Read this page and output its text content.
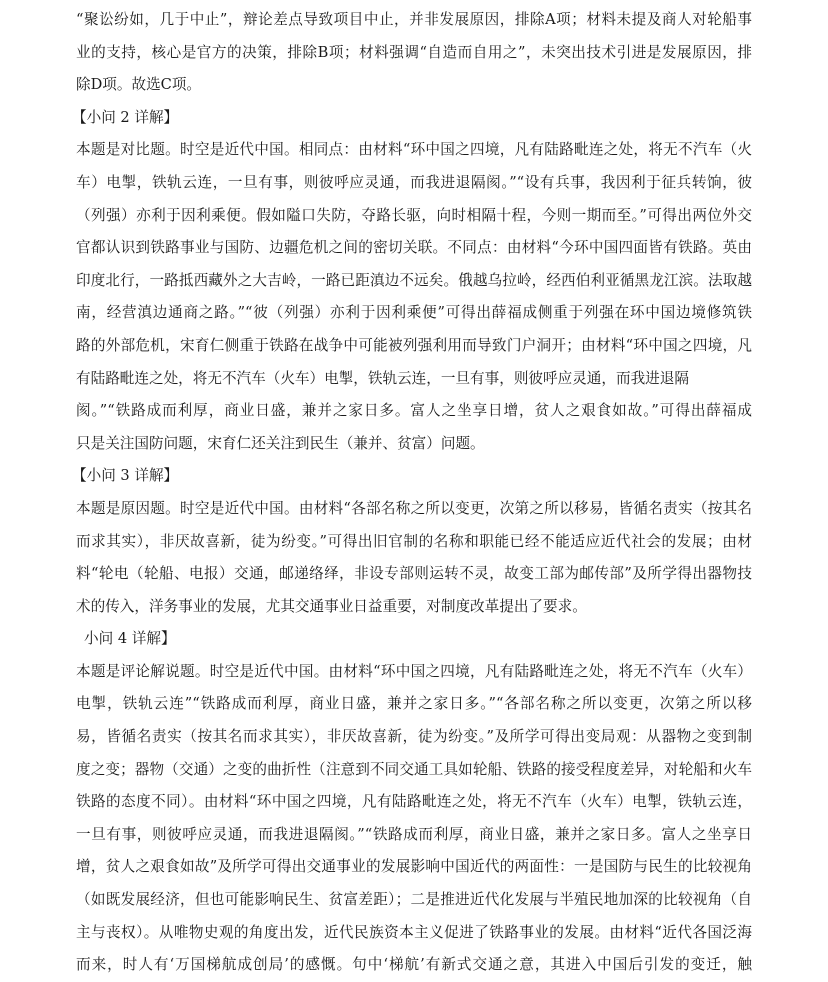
“聚讼纷如，几于中止”，辩论差点导致项目中止，并非发展原因，排除A项；材料未提及商人对轮船事
业的支持，核心是官方的决策，排除B项；材料强调“自造而自用之”，未突出技术引进是发展原因，排
除D项。故选C项。
【小问 2 详解】
本题是对比题。时空是近代中国。相同点：由材料“环中国之四境，凡有陆路毗连之处，将无不汽车（火
车）电掣，铁轨云连，一旦有事，则彼呼应灵通，而我进退隔阂。”“设有兵事，我因利于征兵转饷，彼
（列强）亦利于因利乘便。假如隘口失防，夺路长驱，向时相隔十程，今则一期而至。”可得出两位外交
官都认识到铁路事业与国防、边疆危机之间的密切关联。不同点：由材料“今环中国四面皆有铁路。英由
印度北行，一路抵西藏外之大吉岭，一路已距滇边不远矣。俄越乌拉岭，经西伯利亚循黑龙江滨。法取越
南，经营滇边通商之路。”“彼（列强）亦利于因利乘便”可得出薛福成侧重于列强在环中国边境修筑铁
路的外部危机，宋育仁侧重于铁路在战争中可能被列强利用而导致门户洞开；由材料“环中国之四境，凡
有陆路毗连之处，将无不汽车（火车）电掣，铁轨云连，一旦有事，则彼呼应灵通，而我进退隔
阂。”“铁路成而利厚，商业日盛，兼并之家日多。富人之坐享日增，贫人之艰食如故。”可得出薛福成
只是关注国防问题，宋育仁还关注到民生（兼并、贫富）问题。
【小问 3 详解】
本题是原因题。时空是近代中国。由材料“各部名称之所以变更，次第之所以移易，皆循名责实（按其名
而求其实），非厌故喜新，徒为纷变。”可得出旧官制的名称和职能已经不能适应近代社会的发展；由材
料“轮电（轮船、电报）交通，邮递络绎，非设专部则运转不灵，故变工部为邮传部”及所学得出器物技
术的传入，洋务事业的发展，尤其交通事业日益重要，对制度改革提出了要求。
小问 4 详解】
本题是评论解说题。时空是近代中国。由材料“环中国之四境，凡有陆路毗连之处，将无不汽车（火车）
电掣，铁轨云连”“铁路成而利厚，商业日盛，兼并之家日多。”“各部名称之所以变更，次第之所以移
易，皆循名责实（按其名而求其实），非厌故喜新，徒为纷变。”及所学可得出变局观：从器物之变到制
度之变；器物（交通）之变的曲折性（注意到不同交通工具如轮船、铁路的接受程度差异，对轮船和火车
铁路的态度不同）。由材料“环中国之四境，凡有陆路毗连之处，将无不汽车（火车）电掣，铁轨云连，
一旦有事，则彼呼应灵通，而我进退隔阂。”“铁路成而利厚，商业日盛，兼并之家日多。富人之坐享日
增，贫人之艰食如故”及所学可得出交通事业的发展影响中国近代的两面性：一是国防与民生的比较视角
（如既发展经济，但也可能影响民生、贫富差距）；二是推进近代化发展与半殖民地加深的比较视角（自
主与丧权）。从唯物史观的角度出发，近代民族资本主义促进了铁路事业的发展。由材料“近代各国泛海
而来，时人有‘万国梯航成创局’的感慨。句中‘梯航’有新式交通之意，其进入中国后引发的变迁，触
